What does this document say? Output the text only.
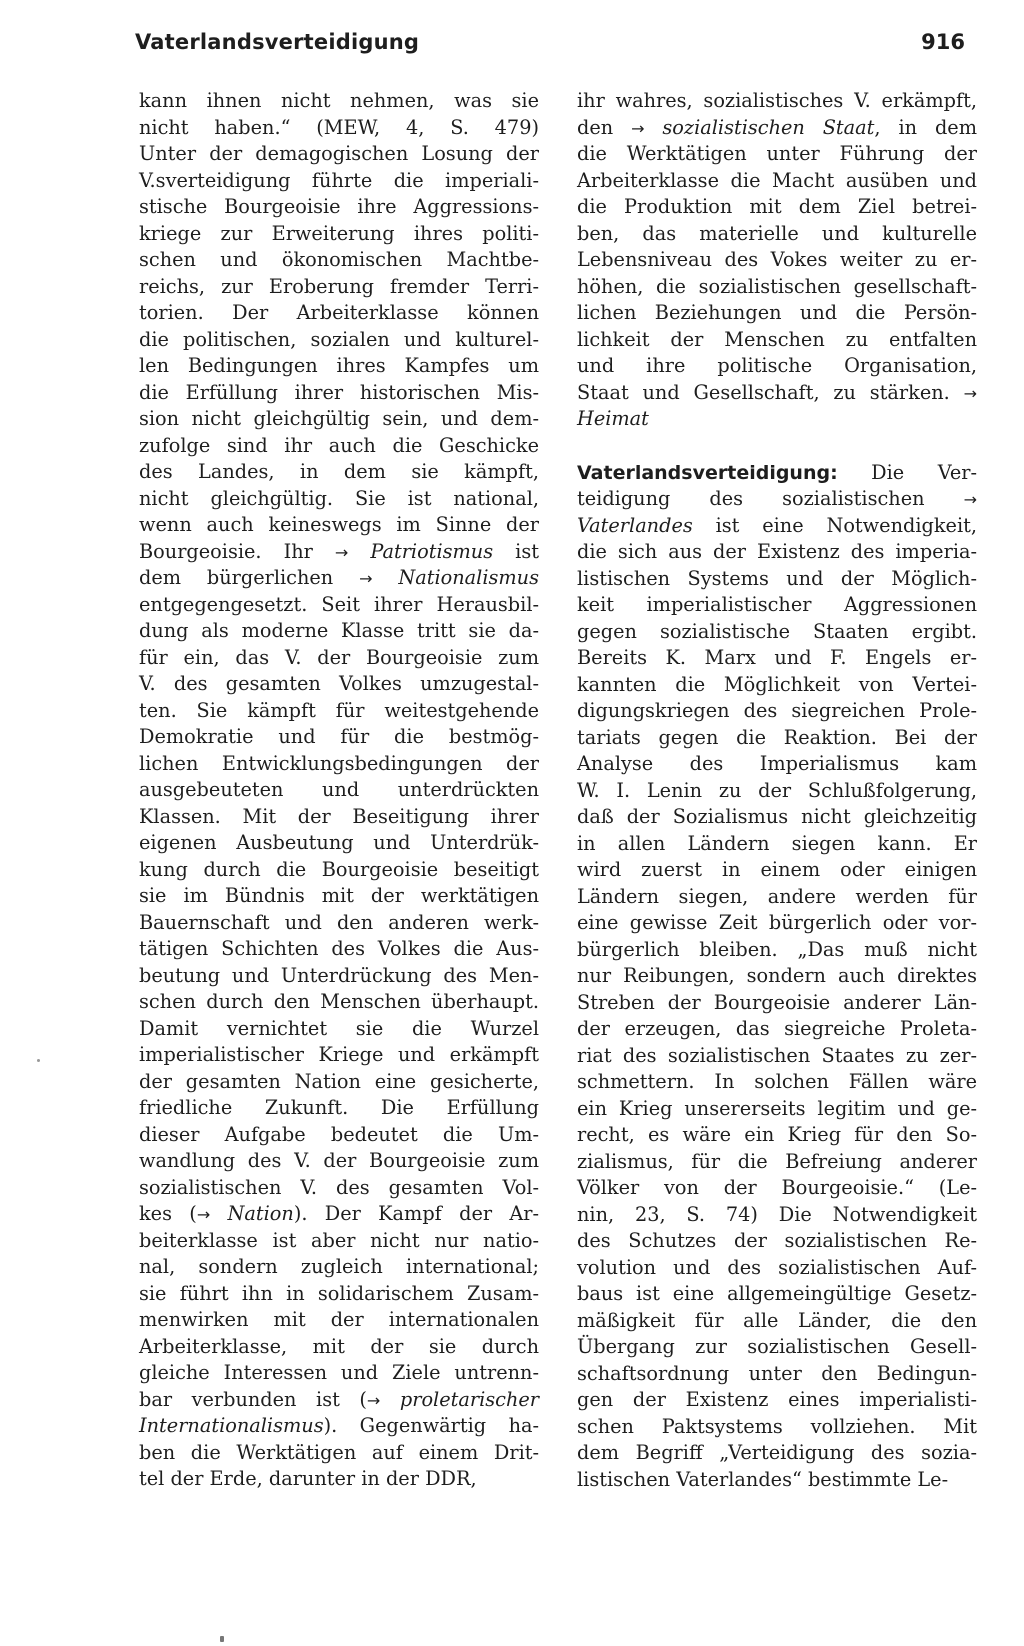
Vaterlandsverteidigung	916
kann ihnen nicht nehmen, was sie
nicht haben.“ (MEW, 4, S. 479)
Unter der demagogischen Losung der
V.sverteidigung führte die imperiali-
stische Bourgeoisie ihre Aggressions-
kriege zur Erweiterung ihres politi-
schen und ökonomischen Machtbe-
reichs, zur Eroberung fremder Terri-
torien. Der Arbeiterklasse können
die politischen, sozialen und kulturel-
len Bedingungen ihres Kampfes um
die Erfüllung ihrer historischen Mis-
sion nicht gleichgültig sein, und dem-
zufolge sind ihr auch die Geschicke
des Landes, in dem sie kämpft,
nicht gleichgültig. Sie ist national,
wenn auch keineswegs im Sinne der
Bourgeoisie. Ihr → Patriotismus ist
dem bürgerlichen → Nationalismus
entgegengesetzt. Seit ihrer Herausbil-
dung als moderne Klasse tritt sie da-
für ein, das V. der Bourgeoisie zum
V. des gesamten Volkes umzugestal-
ten. Sie kämpft für weitestgehende
Demokratie und für die bestmög-
lichen Entwicklungsbedingungen der
ausgebeuteten und unterdrückten
Klassen. Mit der Beseitigung ihrer
eigenen Ausbeutung und Unterdrük-
kung durch die Bourgeoisie beseitigt
sie im Bündnis mit der werktätigen
Bauernschaft und den anderen werk-
tätigen Schichten des Volkes die Aus-
beutung und Unterdrückung des Men-
schen durch den Menschen überhaupt.
Damit vernichtet sie die Wurzel
imperialistischer Kriege und erkämpft
der gesamten Nation eine gesicherte,
friedliche Zukunft. Die Erfüllung
dieser Aufgabe bedeutet die Um-
wandlung des V. der Bourgeoisie zum
sozialistischen V. des gesamten Vol-
kes (→ Nation). Der Kampf der Ar-
beiterklasse ist aber nicht nur natio-
nal, sondern zugleich international;
sie führt ihn in solidarischem Zusam-
menwirken mit der internationalen
Arbeiterklasse, mit der sie durch
gleiche Interessen und Ziele untrenn-
bar verbunden ist (→ proletarischer
Internationalismus). Gegenwärtig ha-
ben die Werktätigen auf einem Drit-
tel der Erde, darunter in der DDR,
ihr wahres, sozialistisches V. erkämpft,
den → sozialistischen Staat, in dem
die Werktätigen unter Führung der
Arbeiterklasse die Macht ausüben und
die Produktion mit dem Ziel betrei-
ben, das materielle und kulturelle
Lebensniveau des Vokes weiter zu er-
höhen, die sozialistischen gesellschaft-
lichen Beziehungen und die Persön-
lichkeit der Menschen zu entfalten
und ihre politische Organisation,
Staat und Gesellschaft, zu stärken. →
Heimat
Vaterlandsverteidigung: Die Ver-
teidigung des sozialistischen →
Vaterlandes ist eine Notwendigkeit,
die sich aus der Existenz des imperia-
listischen Systems und der Möglich-
keit imperialistischer Aggressionen
gegen sozialistische Staaten ergibt.
Bereits K. Marx und F. Engels er-
kannten die Möglichkeit von Vertei-
digungskriegen des siegreichen Prole-
tariats gegen die Reaktion. Bei der
Analyse des Imperialismus kam
W. I. Lenin zu der Schlußfolgerung,
daß der Sozialismus nicht gleichzeitig
in allen Ländern siegen kann. Er
wird zuerst in einem oder einigen
Ländern siegen, andere werden für
eine gewisse Zeit bürgerlich oder vor-
bürgerlich bleiben. „Das muß nicht
nur Reibungen, sondern auch direktes
Streben der Bourgeoisie anderer Län-
der erzeugen, das siegreiche Proleta-
riat des sozialistischen Staates zu zer-
schmettern. In solchen Fällen wäre
ein Krieg unsererseits legitim und ge-
recht, es wäre ein Krieg für den So-
zialismus, für die Befreiung anderer
Völker von der Bourgeoisie.“ (Le-
nin, 23, S. 74) Die Notwendigkeit
des Schutzes der sozialistischen Re-
volution und des sozialistischen Auf-
baus ist eine allgemeingültige Gesetz-
mäßigkeit für alle Länder, die den
Übergang zur sozialistischen Gesell-
schaftsordnung unter den Bedingun-
gen der Existenz eines imperialisti-
schen Paktsystems vollziehen. Mit
dem Begriff „Verteidigung des sozia-
listischen Vaterlandes“ bestimmte Le-
